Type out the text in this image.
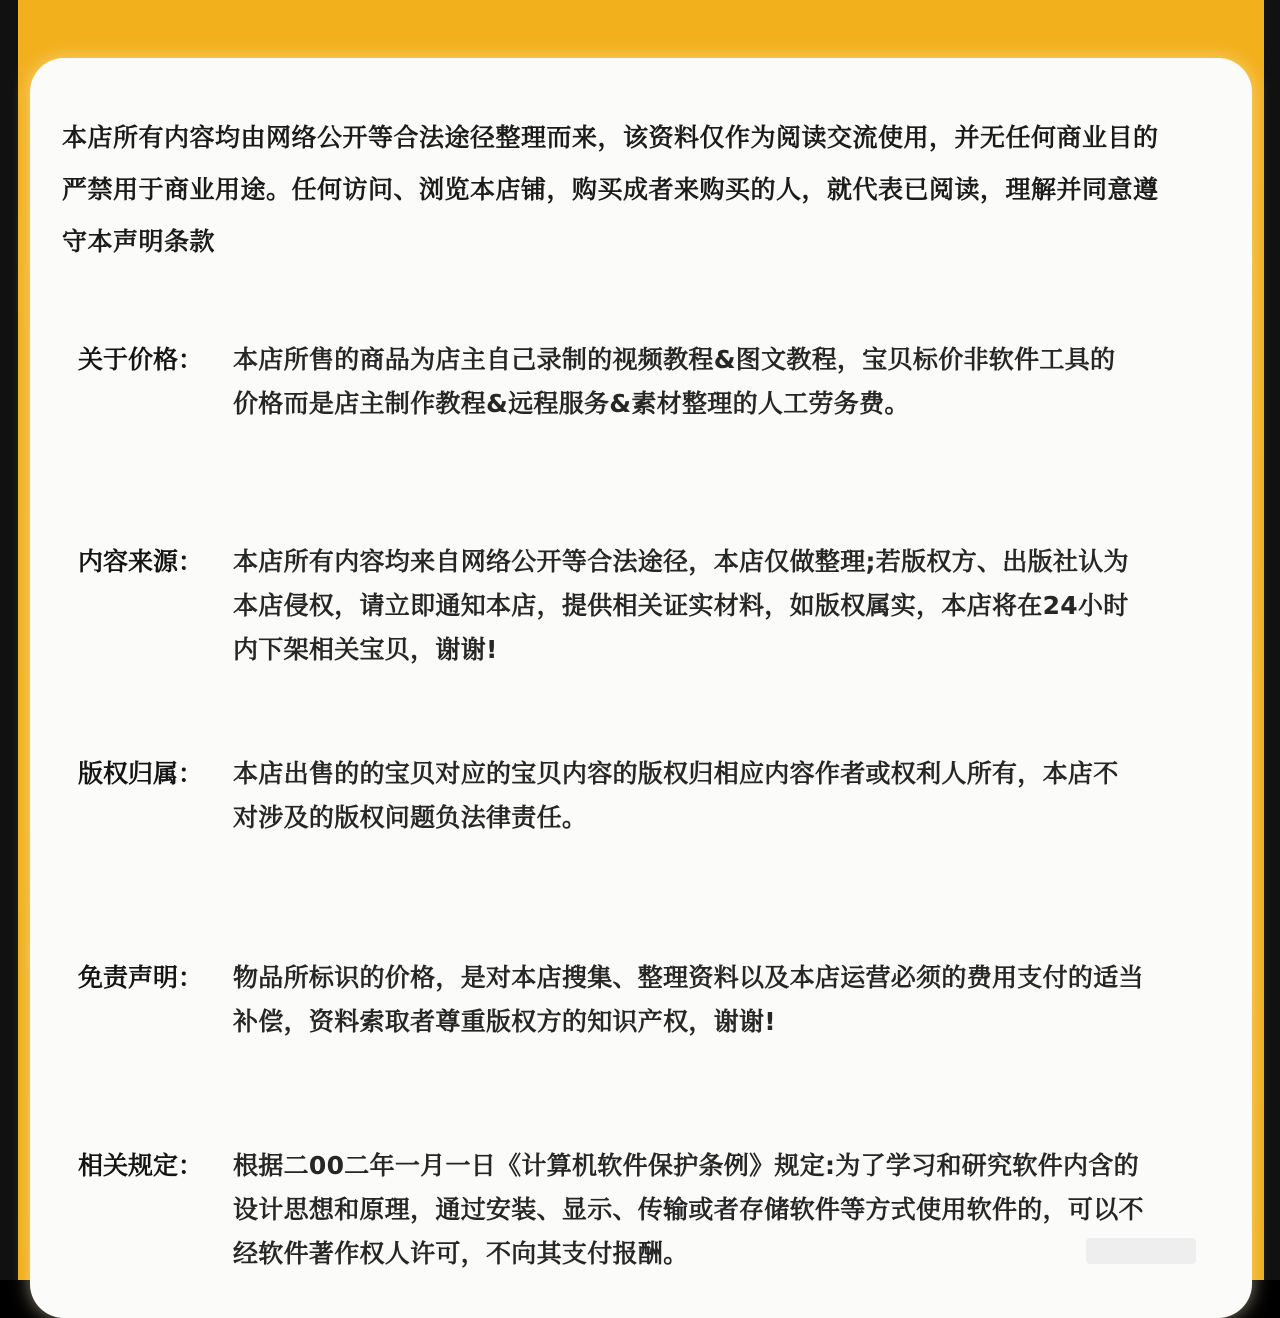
本店所有内容均由网络公开等合法途径整理而来，该资料仅作为阅读交流使用，并无任何商业目的
严禁用于商业用途。任何访问、浏览本店铺，购买成者来购买的人，就代表已阅读，理解并同意遵
守本声明条款
关于价格：	本店所售的商品为店主自己录制的视频教程&图文教程，宝贝标价非软件工具的
价格而是店主制作教程&远程服务&素材整理的人工劳务费。
内容来源：	本店所有内容均来自网络公开等合法途径，本店仅做整理;若版权方、出版社认为
本店侵权，请立即通知本店，提供相关证实材料，如版权属实，本店将在24小时
内下架相关宝贝，谢谢!
版权归属：	本店出售的的宝贝对应的宝贝内容的版权归相应内容作者或权利人所有，本店不
对涉及的版权问题负法律责任。
免责声明：	物品所标识的价格，是对本店搜集、整理资料以及本店运营必须的费用支付的适当
补偿，资料索取者尊重版权方的知识产权，谢谢!
相关规定：	根据二00二年一月一日《计算机软件保护条例》规定:为了学习和研究软件内含的
设计思想和原理，通过安装、显示、传输或者存储软件等方式使用软件的，可以不
经软件著作权人许可，不向其支付报酬。
